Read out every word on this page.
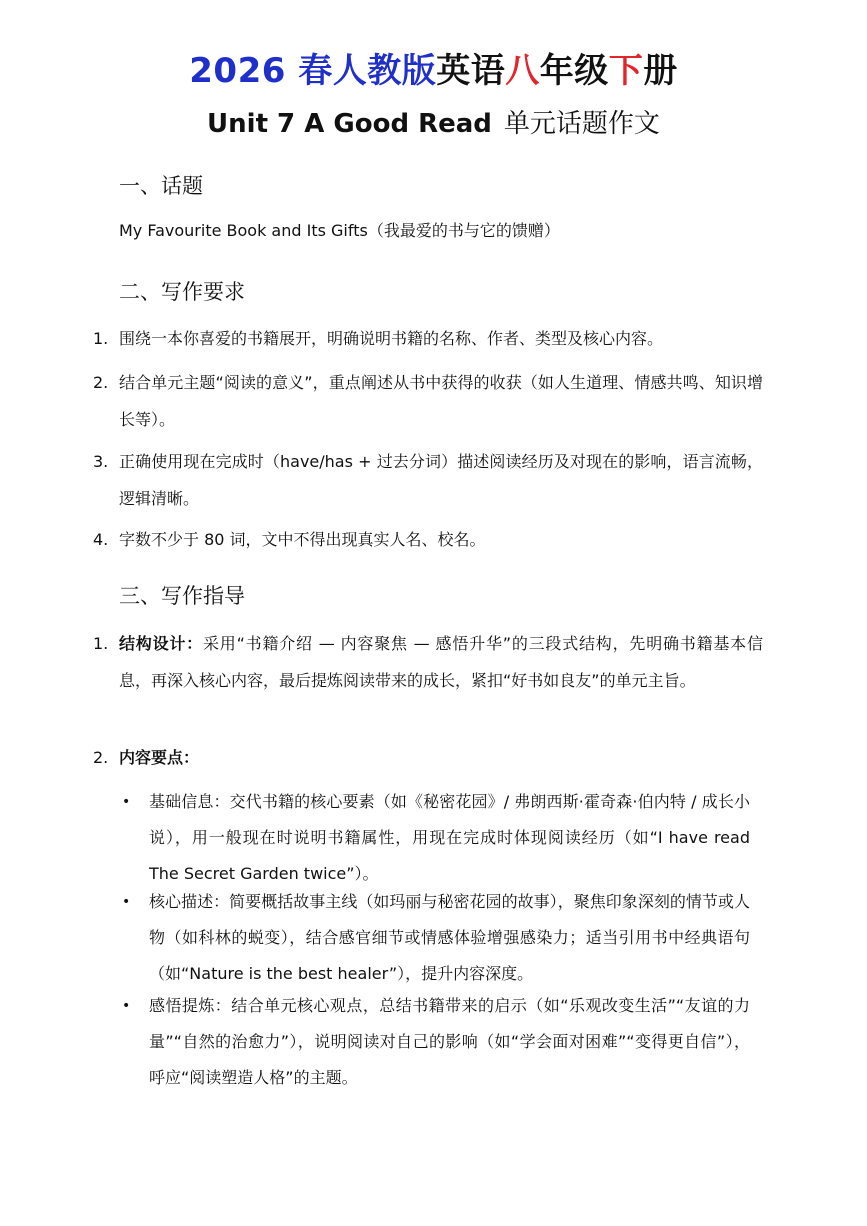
2026 春人教版英语八年级下册
Unit 7 A Good Read 单元话题作文
一、话题
My Favourite Book and Its Gifts（我最爱的书与它的馈赠）
二、写作要求
1. 围绕一本你喜爱的书籍展开，明确说明书籍的名称、作者、类型及核心内容。
2. 结合单元主题“阅读的意义”，重点阐述从书中获得的收获（如人生道理、情感共鸣、知识增长等）。
3. 正确使用现在完成时（have/has + 过去分词）描述阅读经历及对现在的影响，语言流畅，逻辑清晰。
4. 字数不少于 80 词，文中不得出现真实人名、校名。
三、写作指导
1. 结构设计：采用“书籍介绍 — 内容聚焦 — 感悟升华”的三段式结构，先明确书籍基本信息，再深入核心内容，最后提炼阅读带来的成长，紧扣“好书如良友”的单元主旨。
2. 内容要点：
• 基础信息：交代书籍的核心要素（如《秘密花园》/ 弗朗西斯·霍奇森·伯内特 / 成长小说），用一般现在时说明书籍属性，用现在完成时体现阅读经历（如“I have read The Secret Garden twice”）。
• 核心描述：简要概括故事主线（如玛丽与秘密花园的故事），聚焦印象深刻的情节或人物（如科林的蜕变），结合感官细节或情感体验增强感染力；适当引用书中经典语句（如“Nature is the best healer”），提升内容深度。
• 感悟提炼：结合单元核心观点，总结书籍带来的启示（如“乐观改变生活”“友谊的力量”“自然的治愈力”），说明阅读对自己的影响（如“学会面对困难”“变得更自信”），呼应“阅读塑造人格”的主题。
